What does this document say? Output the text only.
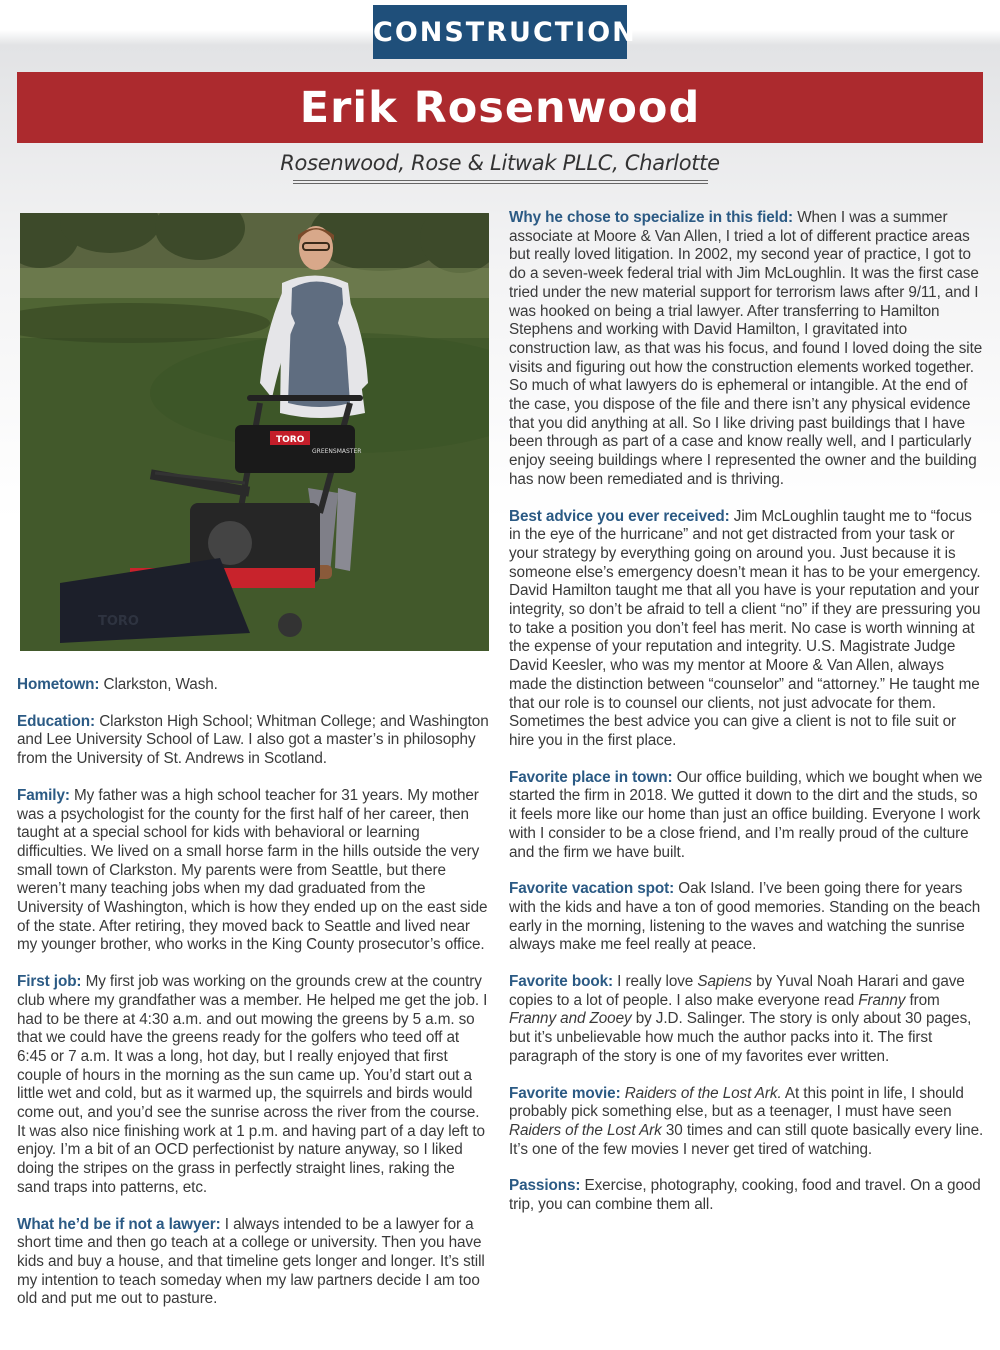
CONSTRUCTION
Erik Rosenwood
Rosenwood, Rose & Litwak PLLC, Charlotte
TORO
GREENSMASTER
TORO

Hometown: Clarkston, Wash.

Education: Clarkston High School; Whitman College; and Washington and Lee University School of Law. I also got a master’s in philosophy from the University of St. Andrews in Scotland.

Family: My father was a high school teacher for 31 years. My mother was a psychologist for the county for the first half of her career, then taught at a special school for kids with behavioral or learning difficulties. We lived on a small horse farm in the hills outside the very small town of Clarkston. My parents were from Seattle, but there weren’t many teaching jobs when my dad graduated from the University of Washington, which is how they ended up on the east side of the state. After retiring, they moved back to Seattle and lived near my younger brother, who works in the King County prosecutor’s office.

First job: My first job was working on the grounds crew at the country club where my grandfather was a member. He helped me get the job. I had to be there at 4:30 a.m. and out mowing the greens by 5 a.m. so that we could have the greens ready for the golfers who teed off at 6:45 or 7 a.m. It was a long, hot day, but I really enjoyed that first couple of hours in the morning as the sun came up. You’d start out a little wet and cold, but as it warmed up, the squirrels and birds would come out, and you’d see the sunrise across the river from the course. It was also nice finishing work at 1 p.m. and having part of a day left to enjoy. I’m a bit of an OCD perfectionist by nature anyway, so I liked doing the stripes on the grass in perfectly straight lines, raking the sand traps into patterns, etc.

What he’d be if not a lawyer: I always intended to be a lawyer for a short time and then go teach at a college or university. Then you have kids and buy a house, and that timeline gets longer and longer. It’s still my intention to teach someday when my law partners decide I am too old and put me out to pasture.

Why he chose to specialize in this field: When I was a summer associate at Moore & Van Allen, I tried a lot of different practice areas but really loved litigation. In 2002, my second year of practice, I got to do a seven-week federal trial with Jim McLoughlin. It was the first case tried under the new material support for terrorism laws after 9/11, and I was hooked on being a trial lawyer. After transferring to Hamilton Stephens and working with David Hamilton, I gravitated into construction law, as that was his focus, and found I loved doing the site visits and figuring out how the construction elements worked together. So much of what lawyers do is ephemeral or intangible. At the end of the case, you dispose of the file and there isn’t any physical evidence that you did anything at all. So I like driving past buildings that I have been through as part of a case and know really well, and I particularly enjoy seeing buildings where I represented the owner and the building has now been remediated and is thriving.

Best advice you ever received: Jim McLoughlin taught me to “focus in the eye of the hurricane” and not get distracted from your task or your strategy by everything going on around you. Just because it is someone else’s emergency doesn’t mean it has to be your emergency. David Hamilton taught me that all you have is your reputation and your integrity, so don’t be afraid to tell a client “no” if they are pressuring you to take a position you don’t feel has merit. No case is worth winning at the expense of your reputation and integrity. U.S. Magistrate Judge David Keesler, who was my mentor at Moore & Van Allen, always made the distinction between “counselor” and “attorney.” He taught me that our role is to counsel our clients, not just advocate for them. Sometimes the best advice you can give a client is not to file suit or hire you in the first place.

Favorite place in town: Our office building, which we bought when we started the firm in 2018. We gutted it down to the dirt and the studs, so it feels more like our home than just an office building. Everyone I work with I consider to be a close friend, and I’m really proud of the culture and the firm we have built.

Favorite vacation spot: Oak Island. I’ve been going there for years with the kids and have a ton of good memories. Standing on the beach early in the morning, listening to the waves and watching the sunrise always make me feel really at peace.

Favorite book: I really love Sapiens by Yuval Noah Harari and gave copies to a lot of people. I also make everyone read Franny from Franny and Zooey by J.D. Salinger. The story is only about 30 pages, but it’s unbelievable how much the author packs into it. The first paragraph of the story is one of my favorites ever written.

Favorite movie: Raiders of the Lost Ark. At this point in life, I should probably pick something else, but as a teenager, I must have seen Raiders of the Lost Ark 30 times and can still quote basically every line. It’s one of the few movies I never get tired of watching.

Passions: Exercise, photography, cooking, food and travel. On a good trip, you can combine them all.
